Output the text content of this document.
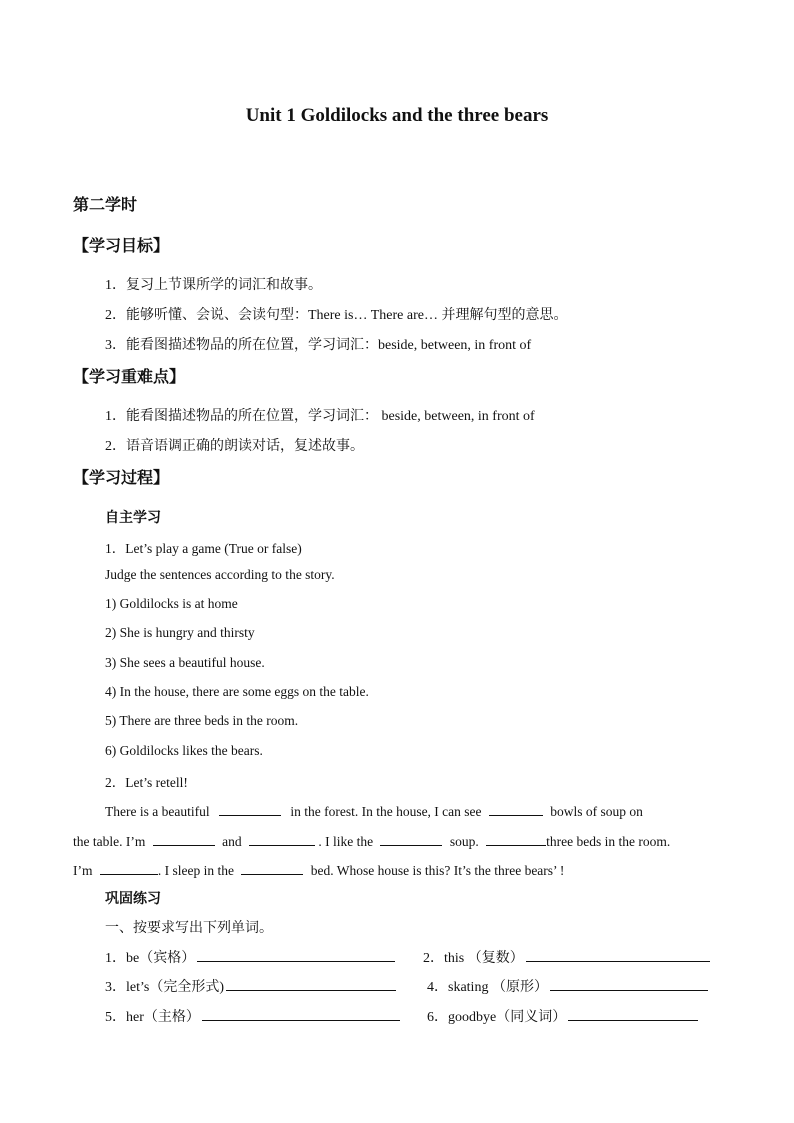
Unit 1 Goldilocks and the three bears
第二学时
【学习目标】
1．复习上节课所学的词汇和故事。
2．能够听懂、会说、会读句型：There is… There are… 并理解句型的意思。
3．能看图描述物品的所在位置，学习词汇：beside, between, in front of
【学习重难点】
1．能看图描述物品的所在位置，学习词汇： beside, between, in front of
2．语音语调正确的朗读对话，复述故事。
【学习过程】
自主学习
1．Let’s play a game (True or false)
Judge the sentences according to the story.
1) Goldilocks is at home
2) She is hungry and thirsty
3) She sees a beautiful house.
4) In the house, there are some eggs on the table.
5) There are three beds in the room.
6) Goldilocks likes the bears.
2．Let’s retell!
There is a beautiful	in the forest. In the house, I can see	bowls of soup on
the table. I’m	and	. I like the	soup.	three beds in the room.
I’m	. I sleep in the	bed. Whose house is this? It’s the three bears’ !
巩固练习
一、按要求写出下列单词。
1．be（宾格）	2．this （复数）
3．let’s（完全形式)	4．skating （原形）
5．her（主格）	6．goodbye（同义词）
